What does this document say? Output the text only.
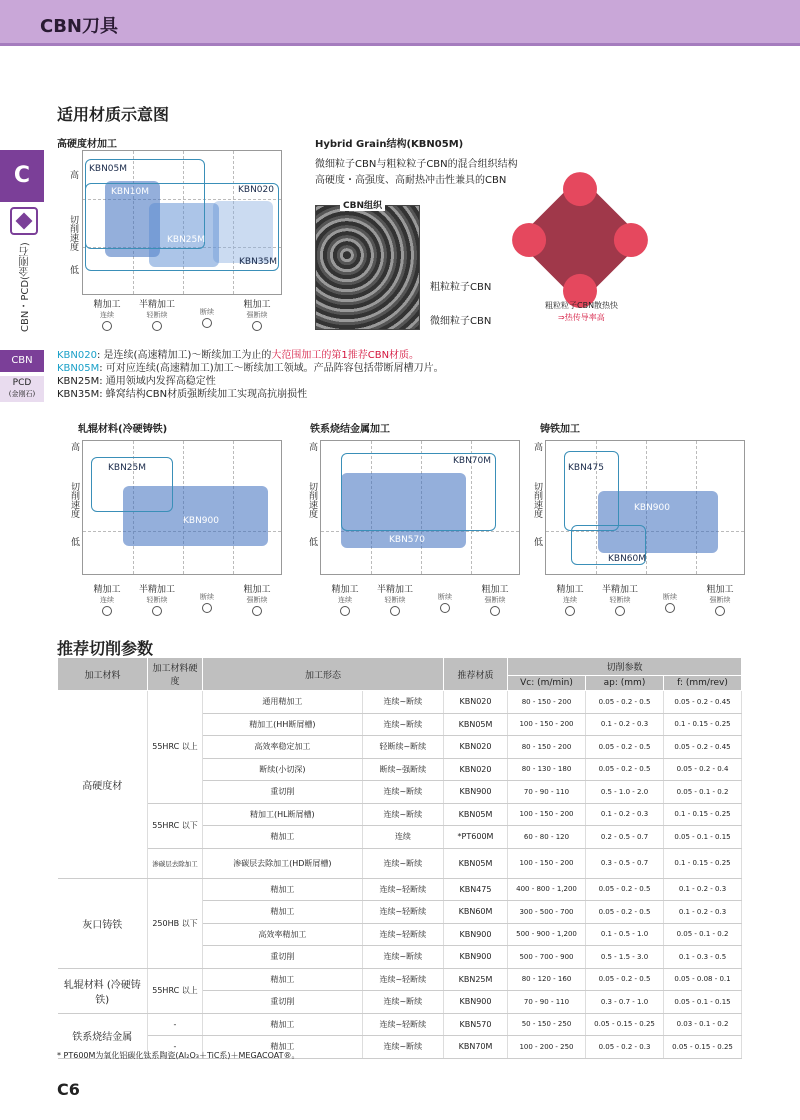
CBN刀具
C
CBN・PCD(金刚石)
CBN
PCD
(金刚石)
适用材质示意图
高硬度材加工
KBN05M
KBN10M	KBN020
KBN25M
KBN35M
高
切削速度
低
Hybrid Grain结构(KBN05M)
微细粒子CBN与粗粒粒子CBN的混合组织结构
高硬度・高强度、高耐热冲击性兼具的CBN
CBN组织
粗粒粒子CBN
微细粒子CBN
粗粒粒子CBN散热快
⇒热传导率高
KBN020: 是连续(高速精加工)～断续加工为止的大范围加工的第1推荐CBN材质。
KBN05M: 可对应连续(高速精加工)加工～断续加工领域。产品阵容包括带断屑槽刀片。
KBN25M: 通用领域内发挥高稳定性
KBN35M: 蜂窝结构CBN材质强断续加工实现高抗崩损性
轧辊材料(冷硬铸铁)
KBN25M
KBN900
铁系烧结金属加工
KBN70M
KBN570
铸铁加工
KBN475
KBN900
KBN60M
推荐切削参数
加工材料	加工材料硬度	加工形态		推荐材质	切削参数		
					Vc: (m/min)	ap: (mm)	f: (mm/rev)
高硬度材	55HRC 以上	通用精加工	连续~断续	KBN020	80 - 150 - 200	0.05 - 0.2 - 0.5	0.05 - 0.2 - 0.45
		精加工(HH断屑槽)	连续~断续	KBN05M	100 - 150 - 200	0.1 - 0.2 - 0.3	0.1 - 0.15 - 0.25
		高效率稳定加工	轻断续~断续	KBN020	80 - 150 - 200	0.05 - 0.2 - 0.5	0.05 - 0.2 - 0.45
		断续(小切深)	断续~强断续	KBN020	80 - 130 - 180	0.05 - 0.2 - 0.5	0.05 - 0.2 - 0.4
		重切削	连续~断续	KBN900	70 - 90 - 110	0.5 - 1.0 - 2.0	0.05 - 0.1 - 0.2
	55HRC 以下	精加工(HL断屑槽)	连续~断续	KBN05M	100 - 150 - 200	0.1 - 0.2 - 0.3	0.1 - 0.15 - 0.25
		精加工	连续	*PT600M	60 - 80 - 120	0.2 - 0.5 - 0.7	0.05 - 0.1 - 0.15
	渗碳层去除加工	渗碳层去除加工(HD断屑槽)	连续~断续	KBN05M	100 - 150 - 200	0.3 - 0.5 - 0.7	0.1 - 0.15 - 0.25
灰口铸铁	250HB 以下	精加工	连续~轻断续	KBN475	400 - 800 - 1,200	0.05 - 0.2 - 0.5	0.1 - 0.2 - 0.3
		精加工	连续~轻断续	KBN60M	300 - 500 - 700	0.05 - 0.2 - 0.5	0.1 - 0.2 - 0.3
		高效率精加工	连续~轻断续	KBN900	500 - 900 - 1,200	0.1 - 0.5 - 1.0	0.05 - 0.1 - 0.2
		重切削	连续~断续	KBN900	500 - 700 - 900	0.5 - 1.5 - 3.0	0.1 - 0.3 - 0.5
轧辊材料 (冷硬铸铁)	55HRC 以上	精加工	连续~轻断续	KBN25M	80 - 120 - 160	0.05 - 0.2 - 0.5	0.05 - 0.08 - 0.1
		重切削	连续~断续	KBN900	70 - 90 - 110	0.3 - 0.7 - 1.0	0.05 - 0.1 - 0.15
铁系烧结金属	-	精加工	连续~轻断续	KBN570	50 - 150 - 250	0.05 - 0.15 - 0.25	0.03 - 0.1 - 0.2
	-	精加工	连续~断续	KBN70M	100 - 200 - 250	0.05 - 0.2 - 0.3	0.05 - 0.15 - 0.25
* PT600M为氧化铝碳化钛系陶瓷(Al₂O₃＋TiC系)＋MEGACOAT®。
C6
精加工
连续
半精加工
轻断续	断续
粗加工
强断续
精加工
连续
半精加工
轻断续	断续
粗加工
强断续
高
切削速度
低
精加工
连续
半精加工
轻断续	断续
粗加工
强断续
高
切削速度
低
精加工
连续
半精加工
轻断续	断续
粗加工
强断续
高
切削速度
低
